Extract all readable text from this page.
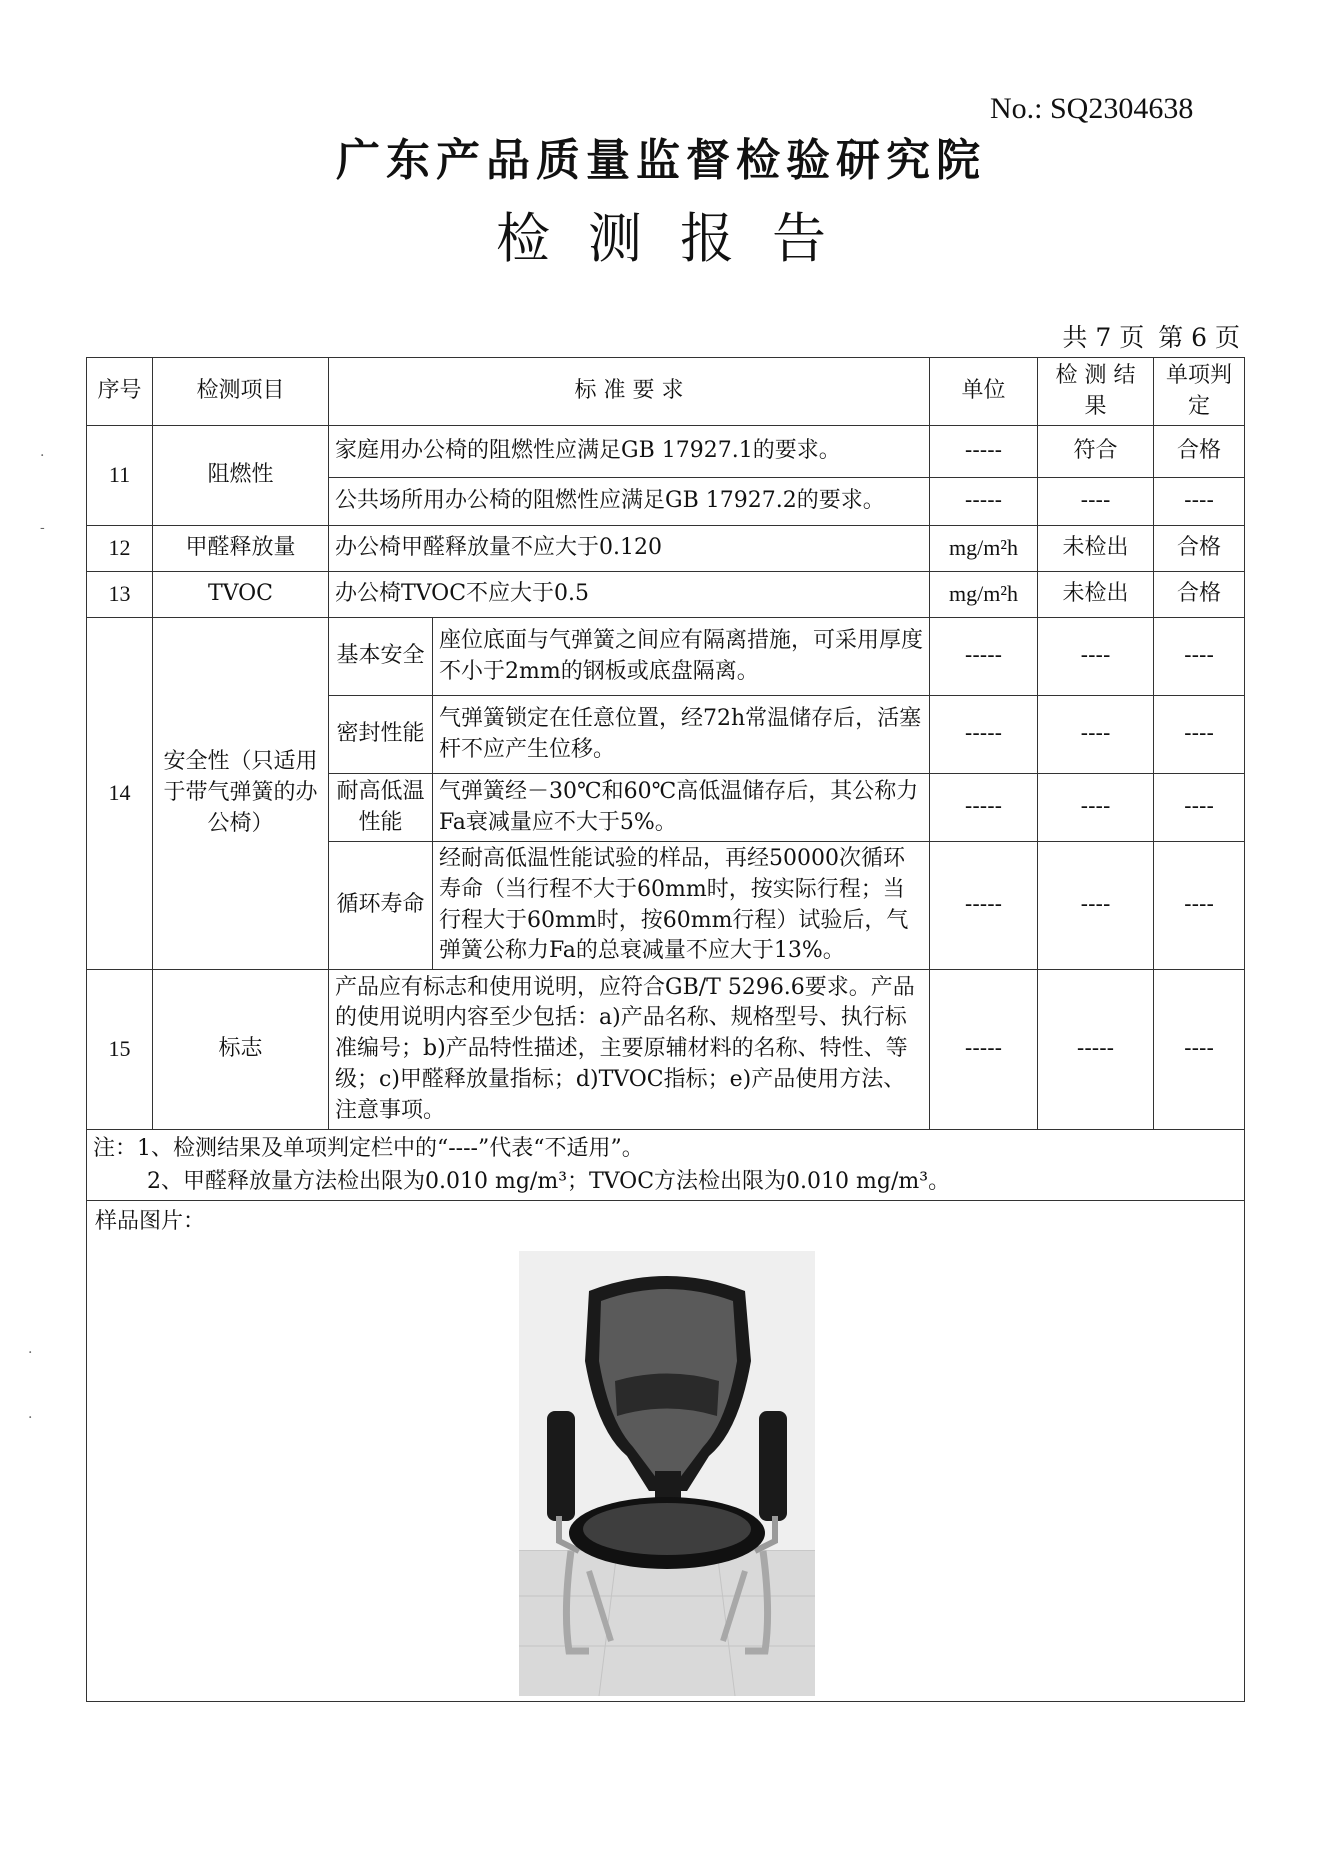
·
-
·
·
No.: SQ2304638
广东产品质量监督检验研究院
检测报告
共 7 页 第 6 页
序号	检测项目	标 准 要 求		单位	检 测 结 果	单项判定
11	阻燃性	家庭用办公椅的阻燃性应满足GB 17927.1的要求。		-----	符合	合格
		公共场所用办公椅的阻燃性应满足GB 17927.2的要求。		-----	----	----
12	甲醛释放量	办公椅甲醛释放量不应大于0.120		mg/m²h	未检出	合格
13	TVOC	办公椅TVOC不应大于0.5		mg/m²h	未检出	合格
14	安全性（只适用于带气弹簧的办公椅）	基本安全	座位底面与气弹簧之间应有隔离措施，可采用厚度不小于2mm的钢板或底盘隔离。	-----	----	----
		密封性能	气弹簧锁定在任意位置，经72h常温储存后，活塞杆不应产生位移。	-----	----	----
		耐高低温性能	气弹簧经－30℃和60℃高低温储存后，其公称力Fa衰减量应不大于5%。	-----	----	----
		循环寿命	经耐高低温性能试验的样品，再经50000次循环寿命（当行程不大于60mm时，按实际行程；当行程大于60mm时，按60mm行程）试验后，气弹簧公称力Fa的总衰减量不应大于13%。	-----	----	----
15	标志	产品应有标志和使用说明，应符合GB/T 5296.6要求。产品的使用说明内容至少包括：a)产品名称、规格型号、执行标准编号；b)产品特性描述，主要原辅材料的名称、特性、等级；c)甲醛释放量指标；d)TVOC指标；e)产品使用方法、注意事项。		-----	-----	----

注：1、检测结果及单项判定栏中的“----”代表“不适用”。
2、甲醛释放量方法检出限为0.010 mg/m³；TVOC方法检出限为0.010 mg/m³。						

样品图片：						
